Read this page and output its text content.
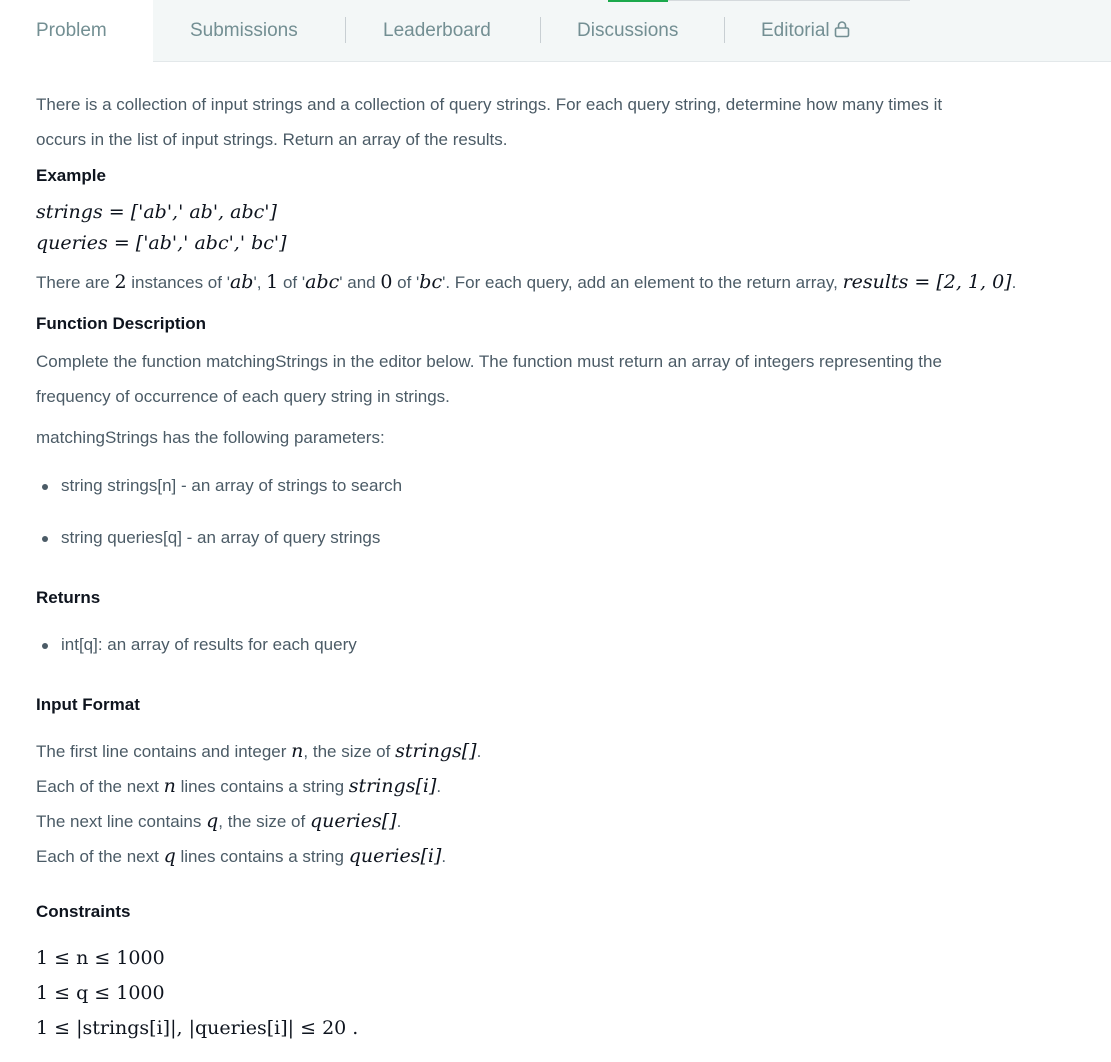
Problem	Submissions	Leaderboard	Discussions	Editorial

There is a collection of input strings and a collection of query strings. For each query string, determine how many times it

occurs in the list of input strings. Return an array of the results.

Example

strings = ['ab',' ab', abc']

queries = ['ab',' abc',' bc']

There are 2 instances of 'ab', 1 of 'abc' and 0 of 'bc'. For each query, add an element to the return array, results = [2, 1, 0].

Function Description

Complete the function matchingStrings in the editor below. The function must return an array of integers representing the

frequency of occurrence of each query string in strings.

matchingStrings has the following parameters:

string strings[n] - an array of strings to search
string queries[q] - an array of query strings

Returns

int[q]: an array of results for each query

Input Format

The first line contains and integer n, the size of strings[].

Each of the next n lines contains a string strings[i].

The next line contains q, the size of queries[].

Each of the next q lines contains a string queries[i].

Constraints

1 ≤ n ≤ 1000

1 ≤ q ≤ 1000

1 ≤ |strings[i]|, |queries[i]| ≤ 20 .
